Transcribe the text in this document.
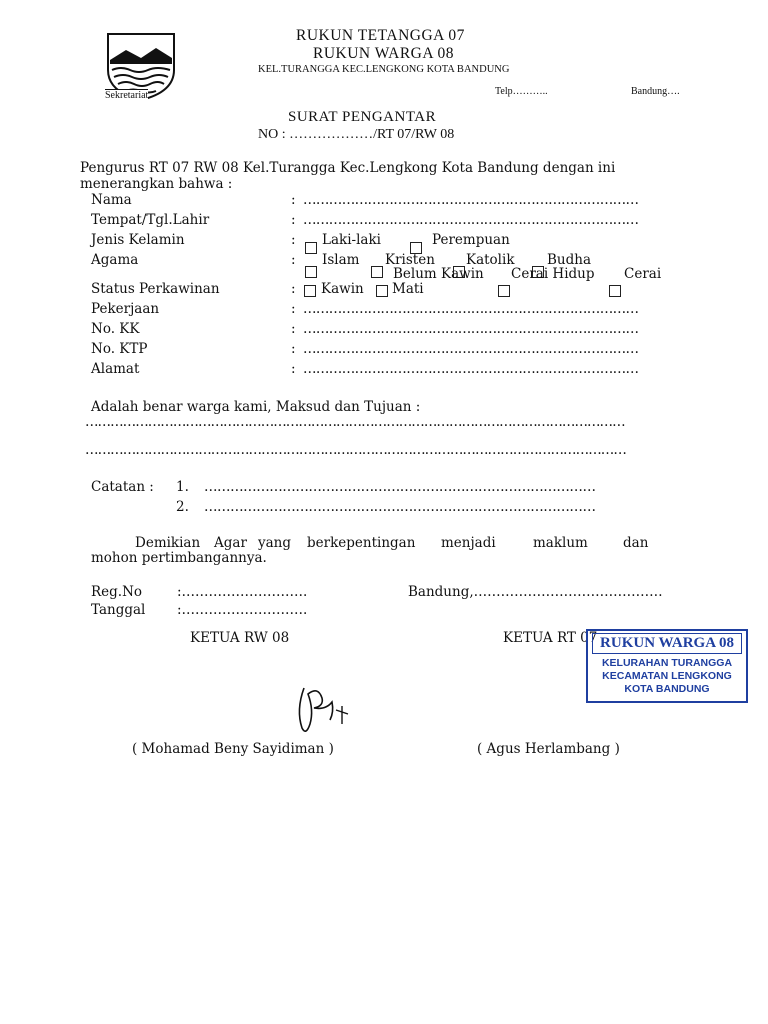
Sekretariat
RUKUN TETANGGA 07
RUKUN WARGA 08
KEL.TURANGGA KEC.LENGKONG KOTA BANDUNG
Telp………..	Bandung….
SURAT PENGANTAR
NO : ………………/RT 07/RW 08
Pengurus RT 07 RW 08 Kel.Turangga Kec.Lengkong Kota Bandung dengan ini
menerangkan bahwa :
Nama	: ……………………………………………………………………
Tempat/Tgl.Lahir	: ……………………………………………………………………
Jenis Kelamin	: Laki-laki	Perempuan
Agama	: Islam Kristen Katolik Budha
Belum Kawin Cerai Hidup Cerai
Status Perkawinan	: Kawin Mati
Pekerjaan	: ……………………………………………………………………
No. KK	: ……………………………………………………………………
No. KTP	: ……………………………………………………………………
Alamat	: ……………………………………………………………………
Adalah benar warga kami, Maksud dan Tujuan :
…………………………………………………………………………………………………………………
…………………………………………………………………………………………………………………
Catatan : 1. ………………………………………………………………………………
2. ………………………………………………………………………………
Demikian Agar yang berkepentingan menjadi	maklum	dan
mohon pertimbangannya.
Reg.No	:……………………….
Tanggal :……………………….
Bandung,……………………………………
KETUA RW 08	KETUA RT 07
( Mohamad Beny Sayidiman )	( Agus Herlambang )
RUKUN WARGA 08
KELURAHAN TURANGGA
KECAMATAN LENGKONG
KOTA BANDUNG
